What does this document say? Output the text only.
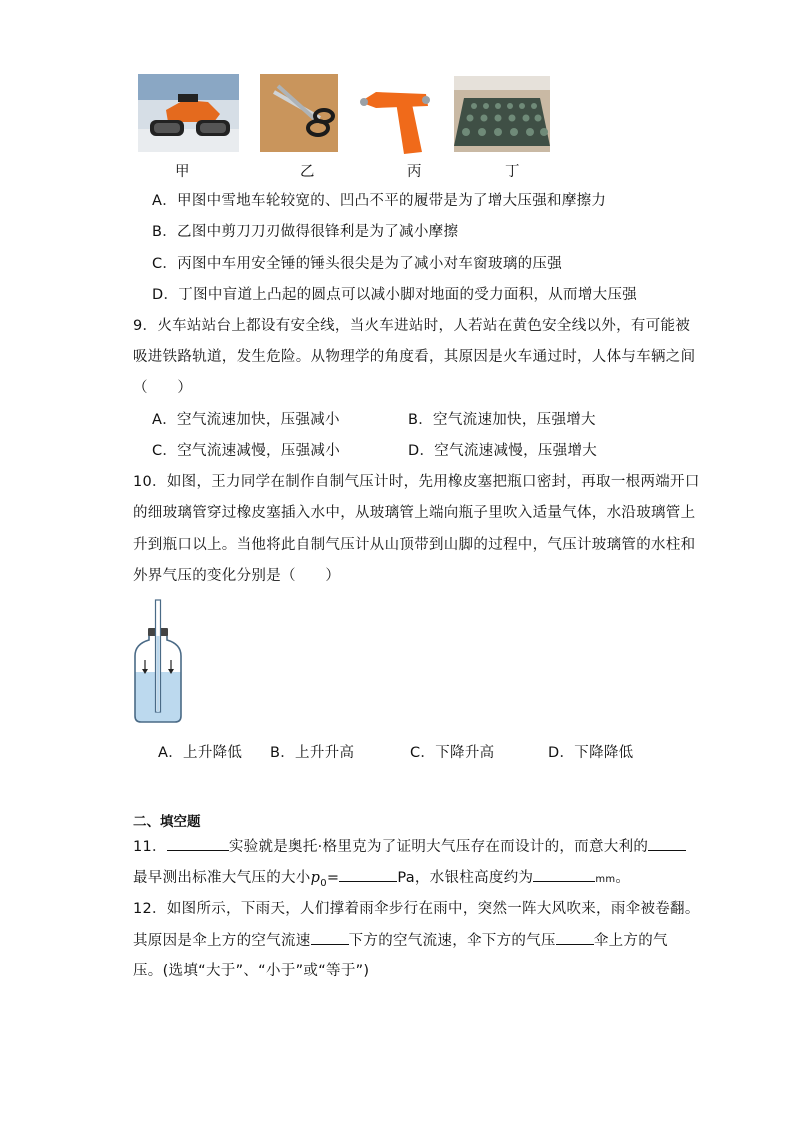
甲	乙	丙	丁
A．甲图中雪地车轮较宽的、凹凸不平的履带是为了增大压强和摩擦力
B．乙图中剪刀刀刃做得很锋利是为了减小摩擦
C．丙图中车用安全锤的锤头很尖是为了减小对车窗玻璃的压强
D．丁图中盲道上凸起的圆点可以减小脚对地面的受力面积，从而增大压强
9．火车站站台上都设有安全线，当火车进站时，人若站在黄色安全线以外，有可能被
吸进铁路轨道，发生危险。从物理学的角度看，其原因是火车通过时，人体与车辆之间
（　　）
A．空气流速加快，压强减小	B．空气流速加快，压强增大
C．空气流速减慢，压强减小	D．空气流速减慢，压强增大
10．如图，王力同学在制作自制气压计时，先用橡皮塞把瓶口密封，再取一根两端开口
的细玻璃管穿过橡皮塞插入水中，从玻璃管上端向瓶子里吹入适量气体，水沿玻璃管上
升到瓶口以上。当他将此自制气压计从山顶带到山脚的过程中，气压计玻璃管的水柱和
外界气压的变化分别是（　　）
A．上升降低 B．上升升高	C．下降升高	D．下降降低
二、填空题
11．	实验就是奥托·格里克为了证明大气压存在而设计的，而意大利的
最早测出标准大气压的大小$p_0=$	Pa，水银柱高度约为	mm。
12．如图所示，下雨天，人们撑着雨伞步行在雨中，突然一阵大风吹来，雨伞被卷翻。
其原因是伞上方的空气流速	下方的空气流速，伞下方的气压	伞上方的气
压。(选填“大于”、“小于”或“等于”)
